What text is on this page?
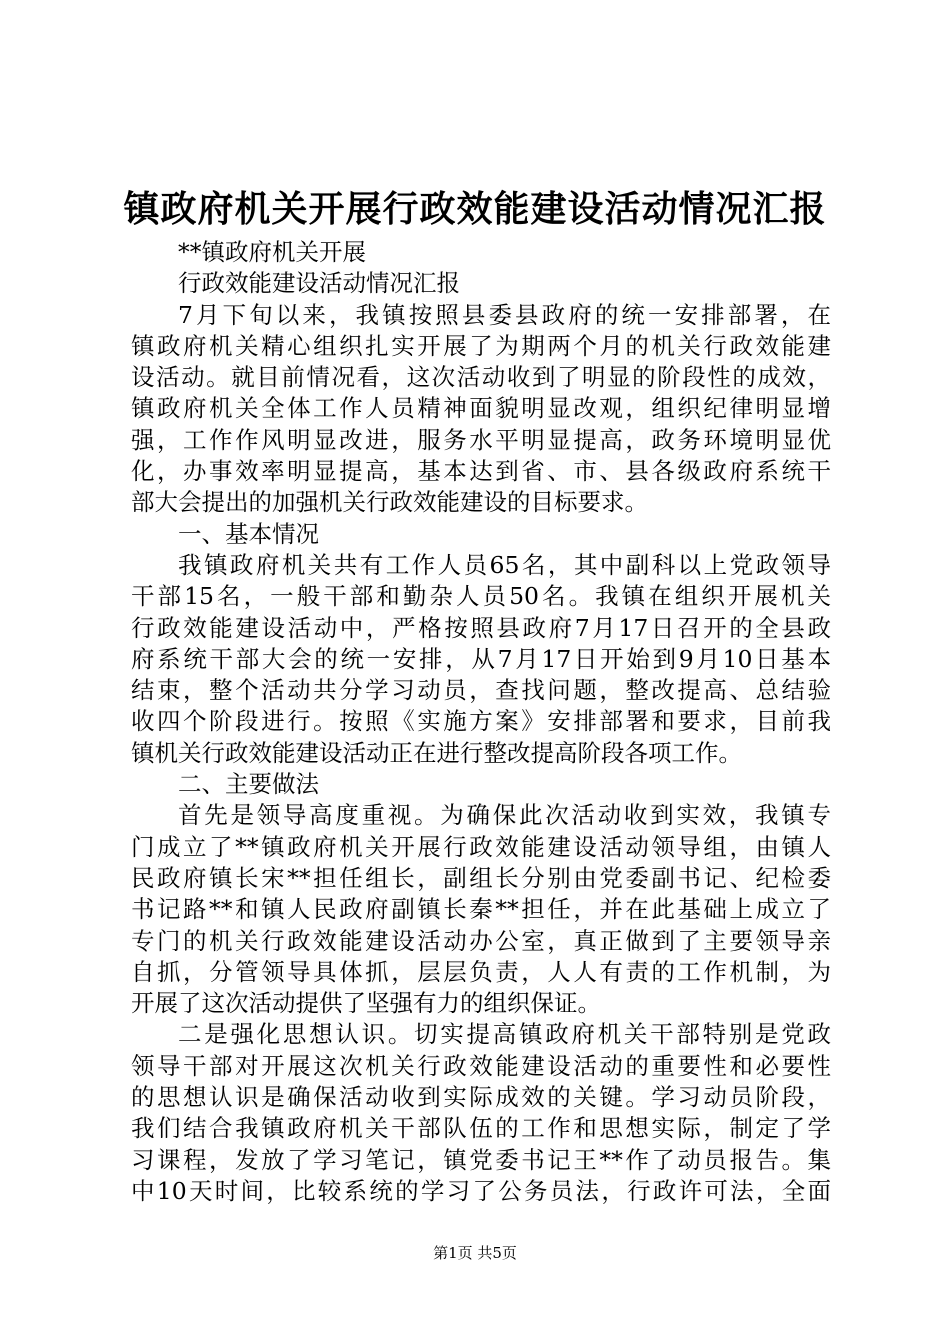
镇政府机关开展行政效能建设活动情况汇报
**镇政府机关开展
行政效能建设活动情况汇报
7月下旬以来，我镇按照县委县政府的统一安排部署，在
镇政府机关精心组织扎实开展了为期两个月的机关行政效能建
设活动。就目前情况看，这次活动收到了明显的阶段性的成效，
镇政府机关全体工作人员精神面貌明显改观，组织纪律明显增
强，工作作风明显改进，服务水平明显提高，政务环境明显优
化，办事效率明显提高，基本达到省、市、县各级政府系统干
部大会提出的加强机关行政效能建设的目标要求。
一、基本情况
我镇政府机关共有工作人员65名，其中副科以上党政领导
干部15名，一般干部和勤杂人员50名。我镇在组织开展机关
行政效能建设活动中，严格按照县政府7月17日召开的全县政
府系统干部大会的统一安排，从7月17日开始到9月10日基本
结束，整个活动共分学习动员，查找问题，整改提高、总结验
收四个阶段进行。按照《实施方案》安排部署和要求，目前我
镇机关行政效能建设活动正在进行整改提高阶段各项工作。
二、主要做法
首先是领导高度重视。为确保此次活动收到实效，我镇专
门成立了**镇政府机关开展行政效能建设活动领导组，由镇人
民政府镇长宋**担任组长，副组长分别由党委副书记、纪检委
书记路**和镇人民政府副镇长秦**担任，并在此基础上成立了
专门的机关行政效能建设活动办公室，真正做到了主要领导亲
自抓，分管领导具体抓，层层负责，人人有责的工作机制，为
开展了这次活动提供了坚强有力的组织保证。
二是强化思想认识。切实提高镇政府机关干部特别是党政
领导干部对开展这次机关行政效能建设活动的重要性和必要性
的思想认识是确保活动收到实际成效的关键。学习动员阶段，
我们结合我镇政府机关干部队伍的工作和思想实际，制定了学
习课程，发放了学习笔记，镇党委书记王**作了动员报告。集
中10天时间，比较系统的学习了公务员法，行政许可法，全面
第1页 共5页
